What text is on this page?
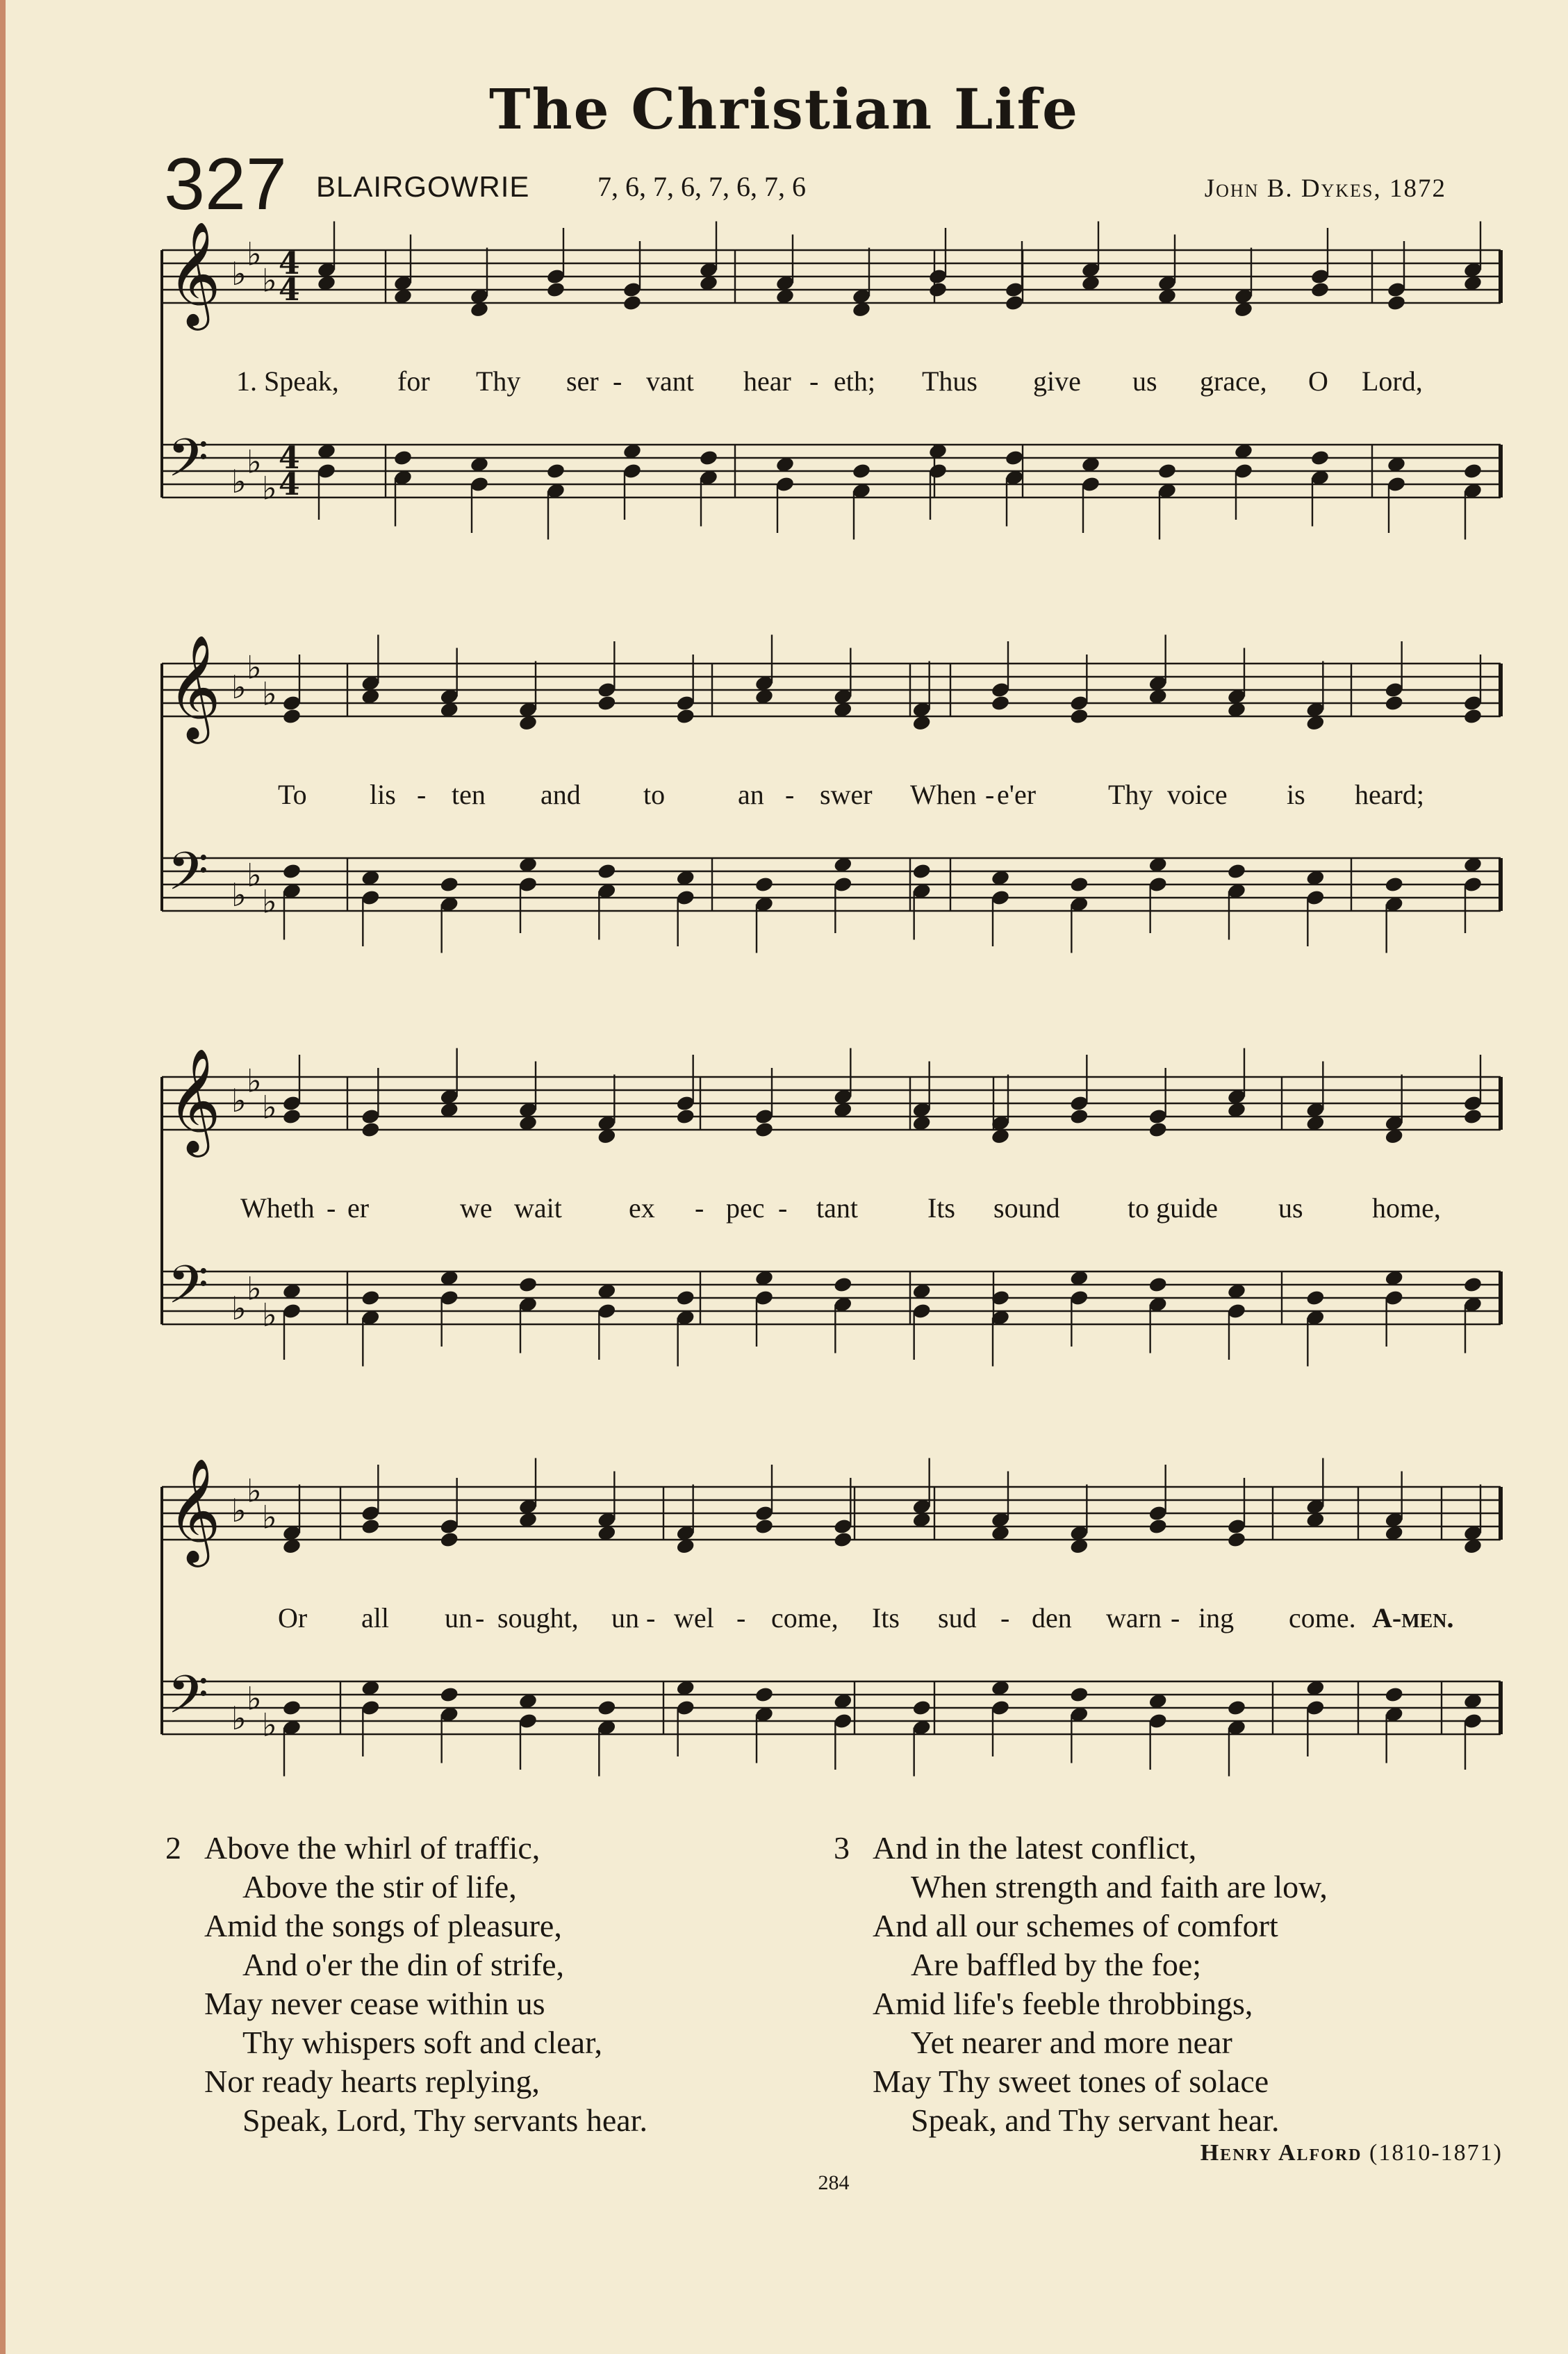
The Christian Life
327 BLAIRGOWRIE 7, 6, 7, 6, 7, 6, 7, 6	John B. Dykes, 1872
𝄞 ♭
♭
♭
𝄢 ♭
♭
♭
4
4
4
4
𝄞 ♭
♭
♭
𝄢 ♭
♭
♭
𝄞 ♭
♭
♭
𝄢 ♭
♭
♭
𝄞 ♭
♭
♭
𝄢 ♭
♭
♭
1. Speak, for Thy ser - vant hear - eth; Thus give us grace, O Lord,
To lis - ten and to	an - swer When - e'er	Thy voice is heard;
Wheth - er	we wait ex - pec - tant	Its sound to guide us home,
Or all un - sought, un - wel - come, Its sud - den warn - ing come. A-men.
2 Above the whirl of traffic,
Above the stir of life,
Amid the songs of pleasure,
And o'er the din of strife,
May never cease within us
Thy whispers soft and clear,
Nor ready hearts replying,
Speak, Lord, Thy servants hear.
3 And in the latest conflict,
When strength and faith are low,
And all our schemes of comfort
Are baffled by the foe;
Amid life's feeble throbbings,
Yet nearer and more near
May Thy sweet tones of solace
Speak, and Thy servant hear.
Henry Alford (1810-1871)
284
